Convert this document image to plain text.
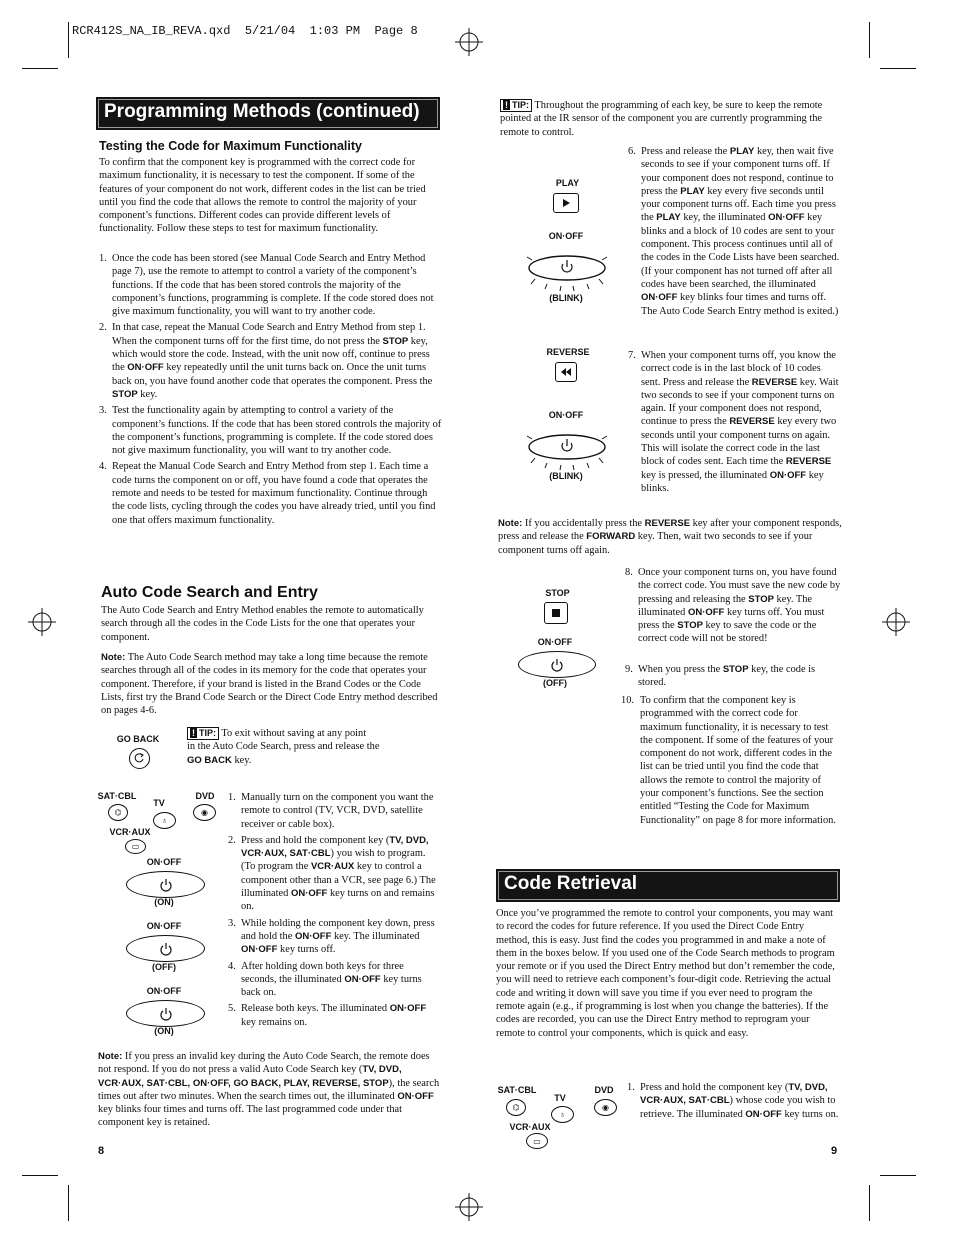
RCR412S_NA_IB_REVA.qxd  5/21/04  1:03 PM  Page 8
Programming Methods (continued)
Testing the Code for Maximum Functionality
To confirm that the component key is programmed with the correct code for maximum functionality, it is necessary to test the component. If some of the features of your component do not work, different codes in the list can be tried until you find the code that allows the remote to control the majority of your component’s functions. Different codes can provide different levels of functionality. Follow these steps to test for maximum functionality.
1. Once the code has been stored (see Manual Code Search and Entry Method page 7), use the remote to attempt to control a variety of the component’s functions. If the code that has been stored controls the majority of the component’s functions, programming is complete. If the code stored does not give maximum functionality, you will want to try another code.
2. In that case, repeat the Manual Code Search and Entry Method from step 1. When the component turns off for the first time, do not press the STOP key, which would store the code. Instead, with the unit now off, continue to press the ON·OFF key repeatedly until the unit turns back on. Once the unit turns back on, you have found another code that operates the component. Press the STOP key.
3. Test the functionality again by attempting to control a variety of the component’s functions. If the code that has been stored controls the majority of the component’s functions, programming is complete. If the code stored does not give maximum functionality, you will want to try another code.
4. Repeat the Manual Code Search and Entry Method from step 1. Each time a code turns the component on or off, you have found a code that operates the remote and needs to be tested for maximum functionality. Continue through the code lists, cycling through the codes you have already tried, until you find one that offers maximum functionality.
Auto Code Search and Entry
The Auto Code Search and Entry Method enables the remote to automatically search through all the codes in the Code Lists for the one that operates your component.
Note: The Auto Code Search method may take a long time because the remote searches through all of the codes in its memory for the code that operates your component. Therefore, if your brand is listed in the Brand Codes or the Code Lists, first try the Brand Code Search or the Direct Code Entry method described on pages 4-6.
GO BACK
! TIP: To exit without saving at any point
in the Auto Code Search, press and release the
GO BACK key.
SAT·CBL
TV
DVD
⌬
♁
◉
VCR·AUX
▭
ON·OFF
(ON)
ON·OFF
(OFF)
ON·OFF
(ON)
1. Manually turn on the component you want the remote to control (TV, VCR, DVD, satellite receiver or cable box).
2. Press and hold the component key (TV, DVD, VCR·AUX, SAT·CBL) you wish to program. (To program the VCR·AUX key to control a component other than a VCR, see page 6.) The illuminated ON·OFF key turns on and remains on.
3. While holding the component key down, press and hold the ON·OFF key. The illuminated ON·OFF key turns off.
4. After holding down both keys for three seconds, the illuminated ON·OFF key turns back on.
5. Release both keys. The illuminated ON·OFF key remains on.
Note: If you press an invalid key during the Auto Code Search, the remote does not respond. If you do not press a valid Auto Code Search key (TV, DVD, VCR·AUX, SAT·CBL, ON·OFF, GO BACK, PLAY, REVERSE, STOP), the search times out after two minutes. When the search times out, the illuminated ON·OFF key blinks four times and turns off. The last programmed code under that component key is retained.
8
! TIP: Throughout the programming of each key, be sure to keep the remote pointed at the IR sensor of the component you are currently programming the remote to control.
PLAY
ON·OFF
(BLINK)
REVERSE
ON·OFF
(BLINK)
6. Press and release the PLAY key, then wait five seconds to see if your component turns off. If your component does not respond, continue to press the PLAY key every five seconds until your component turns off. Each time you press the PLAY key, the illuminated ON·OFF key blinks and a block of 10 codes are sent to your component. This process continues until all of the codes in the Code Lists have been searched. (If your component has not turned off after all codes have been searched, the illuminated ON·OFF key blinks four times and turns off. The Auto Code Search Entry method is exited.)
7. When your component turns off, you know the correct code is in the last block of 10 codes sent. Press and release the REVERSE key. Wait two seconds to see if your component turns on again. If your component does not respond, continue to press the REVERSE key every two seconds until your component turns on again. This will isolate the correct code in the last block of codes sent. Each time the REVERSE key is pressed, the illuminated ON·OFF key blinks.
Note: If you accidentally press the REVERSE key after your component responds, press and release the FORWARD key. Then, wait two seconds to see if your component turns off again.
STOP
ON·OFF
(OFF)
8. Once your component turns on, you have found the correct code. You must save the new code by pressing and releasing the STOP key. The illuminated ON·OFF key turns off. You must press the STOP key to save the code or the correct code will not be stored!
9. When you press the STOP key, the code is stored.
10. To confirm that the component key is programmed with the correct code for maximum functionality, it is necessary to test the component. If some of the features of your component do not work, different codes in the list can be tried until you find the code that allows the remote to control the majority of your component’s functions. See the section entitled “Testing the Code for Maximum Functionality” on page 8 for more information.
Code Retrieval
Once you’ve programmed the remote to control your components, you may want to record the codes for future reference. If you used the Direct Code Entry method, this is easy. Just find the codes you programmed in and make a note of them in the boxes below. If you used one of the Code Search methods to program your remote or if you used the Direct Entry method but don’t remember the code, you will need to retrieve each component’s four-digit code. Retrieving the actual code and writing it down will save you time if you ever need to program the remote again (e.g., if programming is lost when you change the batteries). If the codes are recorded, you can use the Direct Entry method to reprogram your remote to control your components, which is quick and easy.
SAT·CBL
TV
DVD
⌬
♁
◉
VCR·AUX
▭
1. Press and hold the component key (TV, DVD, VCR·AUX, SAT·CBL) whose code you wish to retrieve. The illuminated ON·OFF key turns on.
9
